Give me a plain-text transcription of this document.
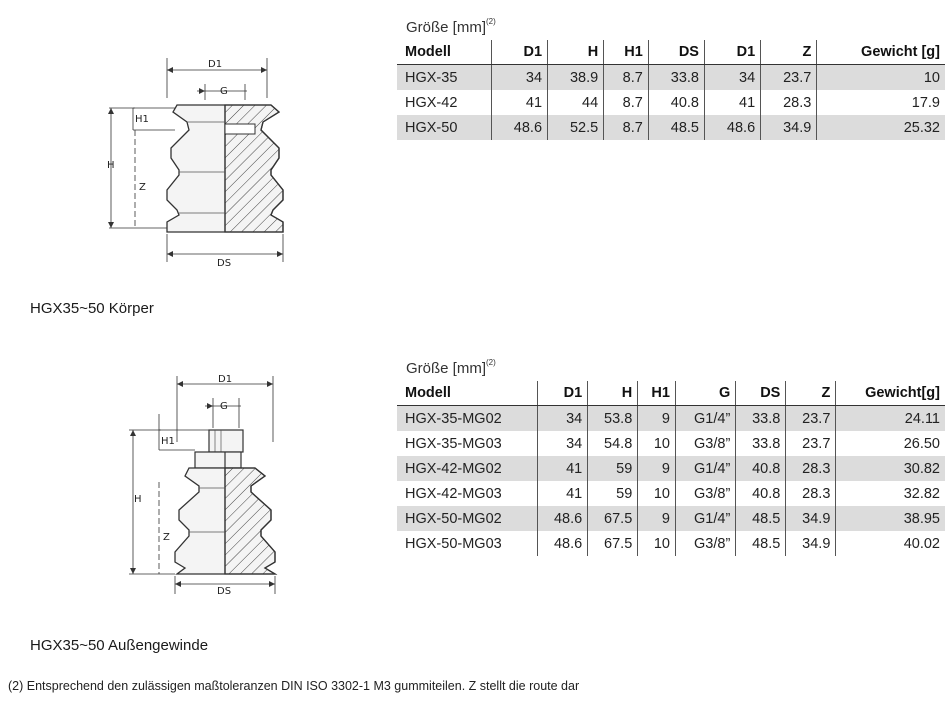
D1
G
H1
H
Z
DS
HGX35~50 Körper
Größe [mm]$^{(2)}$
Modell	D1	H	H1	DS	D1	Z	Gewicht [g]
HGX-35	34	38.9	8.7	33.8	34	23.7	10
HGX-42	41	44	8.7	40.8	41	28.3	17.9
HGX-50	48.6	52.5	8.7	48.5	48.6	34.9	25.32
D1
G
H1
H
Z
DS
HGX35~50 Außengewinde
Größe [mm]$^{(2)}$
Modell	D1	H	H1	G	DS	Z	Gewicht[g]
HGX-35-MG02	34	53.8	9	G1/4”	33.8	23.7	24.11
HGX-35-MG03	34	54.8	10	G3/8”	33.8	23.7	26.50
HGX-42-MG02	41	59	9	G1/4”	40.8	28.3	30.82
HGX-42-MG03	41	59	10	G3/8”	40.8	28.3	32.82
HGX-50-MG02	48.6	67.5	9	G1/4”	48.5	34.9	38.95
HGX-50-MG03	48.6	67.5	10	G3/8”	48.5	34.9	40.02
(2) Entsprechend den zulässigen maßtoleranzen DIN ISO 3302-1 M3 gummiteilen. Z stellt die route dar
